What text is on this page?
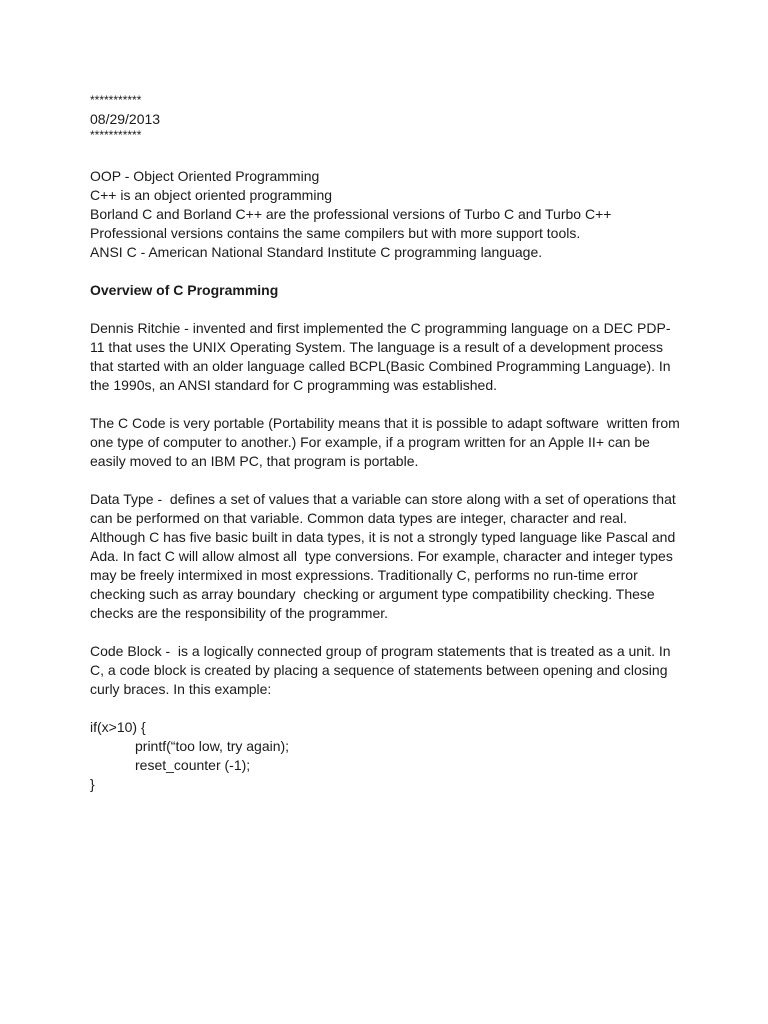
***********
08/29/2013
***********
OOP - Object Oriented Programming
C++ is an object oriented programming
Borland C and Borland C++ are the professional versions of Turbo C and Turbo C++
Professional versions contains the same compilers but with more support tools.
ANSI C - American National Standard Institute C programming language.
Overview of C Programming
Dennis Ritchie - invented and first implemented the C programming language on a DEC PDP-
11 that uses the UNIX Operating System. The language is a result of a development process
that started with an older language called BCPL(Basic Combined Programming Language). In
the 1990s, an ANSI standard for C programming was established.
The C Code is very portable (Portability means that it is possible to adapt software  written from
one type of computer to another.) For example, if a program written for an Apple II+ can be
easily moved to an IBM PC, that program is portable.
Data Type -  defines a set of values that a variable can store along with a set of operations that
can be performed on that variable. Common data types are integer, character and real.
Although C has five basic built in data types, it is not a strongly typed language like Pascal and
Ada. In fact C will allow almost all  type conversions. For example, character and integer types
may be freely intermixed in most expressions. Traditionally C, performs no run-time error
checking such as array boundary  checking or argument type compatibility checking. These
checks are the responsibility of the programmer.
Code Block -  is a logically connected group of program statements that is treated as a unit. In
C, a code block is created by placing a sequence of statements between opening and closing
curly braces. In this example:
if(x>10) {
printf(“too low, try again);
reset_counter (-1);
}
